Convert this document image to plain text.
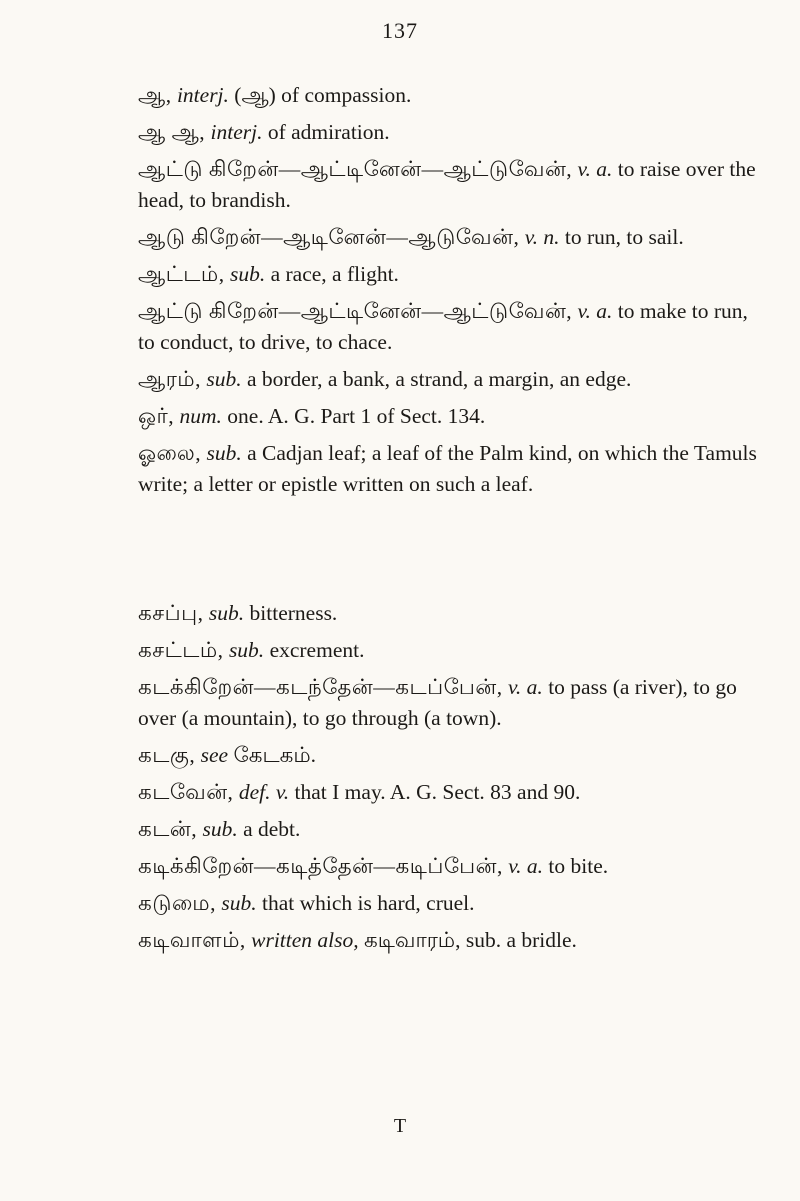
137
ஆ, interj. (ஆ) of compassion.
ஆ ஆ, interj. of admiration.
ஆட்டு கிறேன்—ஆட்டினேன்—ஆட்டுவேன், v. a. to raise over the head, to brandish.
ஆடு கிறேன்—ஆடினேன்—ஆடுவேன், v. n. to run, to sail.
ஆட்டம், sub. a race, a flight.
ஆட்டு கிறேன்—ஆட்டினேன்—ஆட்டுவேன், v. a. to make to run, to conduct, to drive, to chace.
ஆரம், sub. a border, a bank, a strand, a margin, an edge.
ஒர், num. one. A. G. Part 1 of Sect. 134.
ஓலை, sub. a Cadjan leaf; a leaf of the Palm kind, on which the Tamuls write; a letter or epistle written on such a leaf.
கசப்பு, sub. bitterness.
கசட்டம், sub. excrement.
கடக்கிறேன்—கடந்தேன்—கடப்பேன், v. a. to pass (a river), to go over (a mountain), to go through (a town).
கடகு, see கேடகம்.
கடவேன், def. v. that I may. A. G. Sect. 83 and 90.
கடன், sub. a debt.
கடிக்கிறேன்—கடித்தேன்—கடிப்பேன், v. a. to bite.
கடுமை, sub. that which is hard, cruel.
கடிவாளம், written also, கடிவாரம், sub. a bridle.
T
